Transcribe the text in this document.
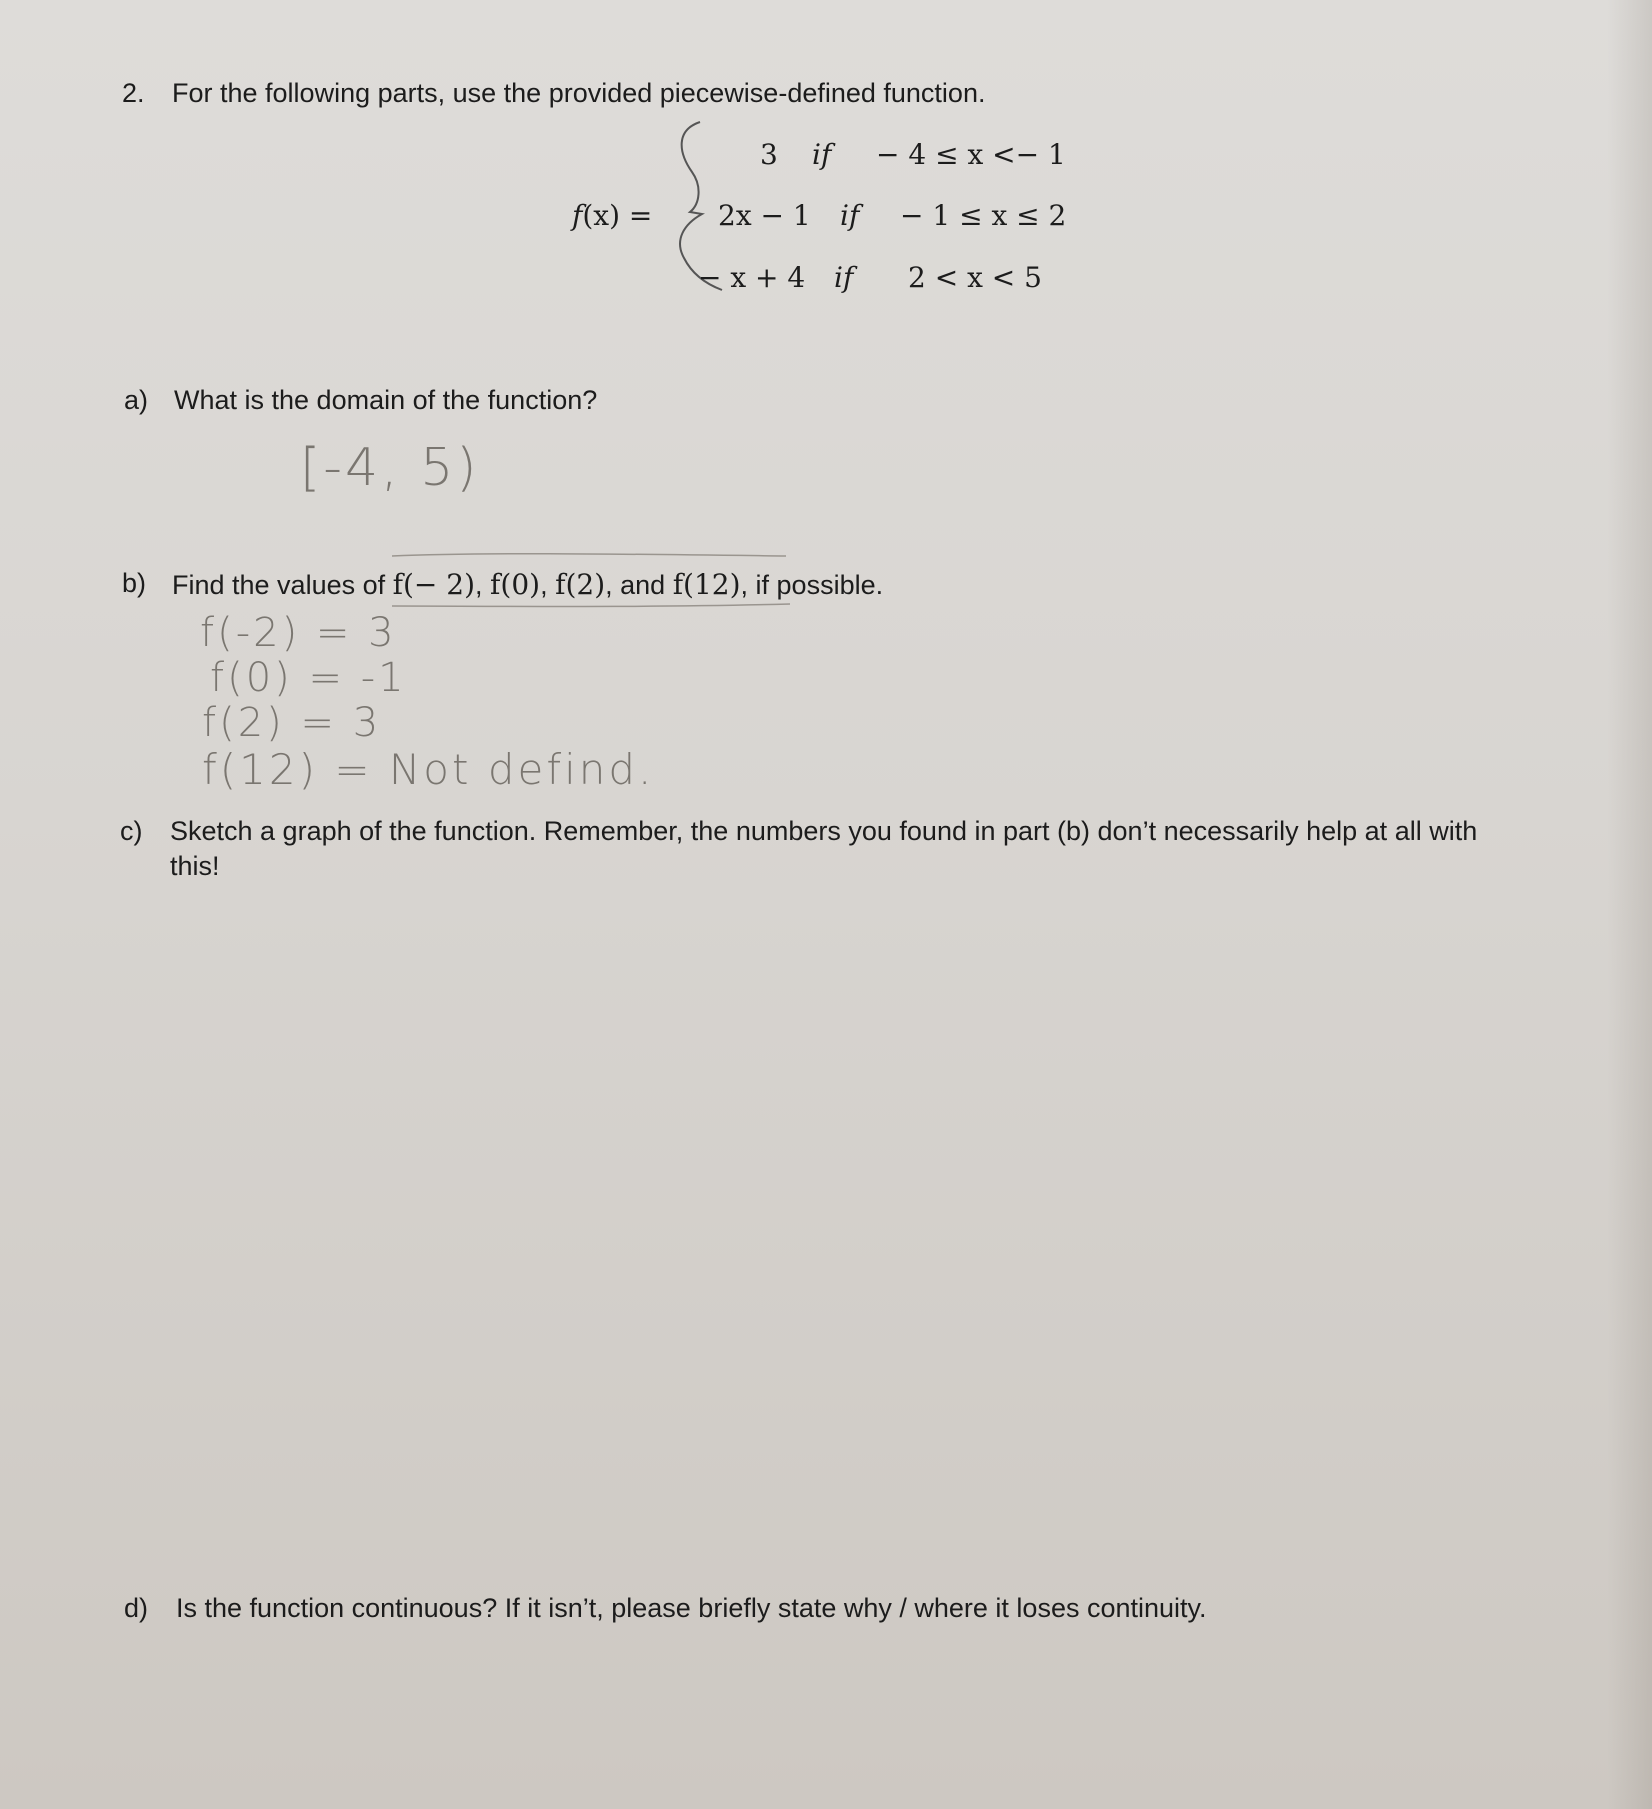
2. For the following parts, use the provided piecewise-defined function.
f(x) =
3 if − 4 ≤ x <− 1
2x − 1 if − 1 ≤ x ≤ 2
− x + 4 if 2 < x < 5
a) What is the domain of the function?
[-4, 5)
b) Find the values of f(− 2), f(0), f(2), and f(12), if possible.
f(-2) = 3
f(0) = -1
f(2) = 3
f(12) = Not defind.
c) Sketch a graph of the function. Remember, the numbers you found in part (b) don’t necessarily help at all with
this!
d) Is the function continuous? If it isn’t, please briefly state why / where it loses continuity.
